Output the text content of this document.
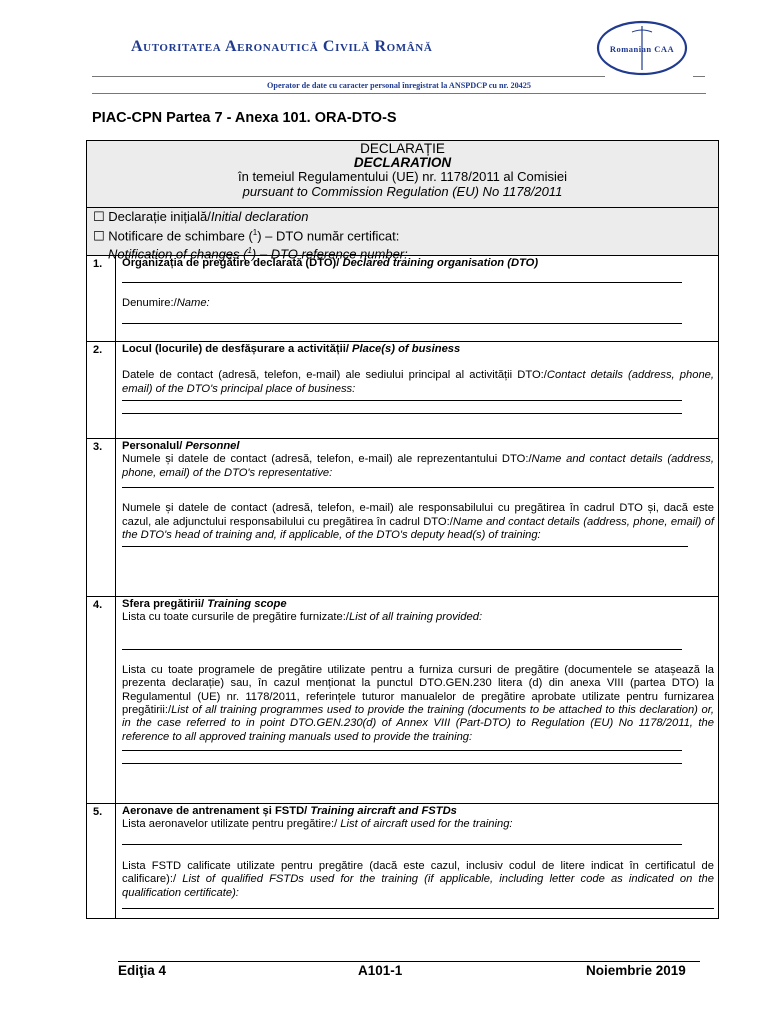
Autoritatea Aeronautică Civilă Română	Romanian CAA
Operator de date cu caracter personal înregistrat la ANSPDCP cu nr. 20425
PIAC-CPN Partea 7 - Anexa 101. ORA-DTO-S
DECLARAȚIE
DECLARATION
în temeiul Regulamentului (UE) nr. 1178/2011 al Comisiei
pursuant to Commission Regulation (EU) No 1178/2011
☐ Declarație inițială/Initial declaration
☐ Notificare de schimbare ($^1$) – DTO număr certificat:
Notification of changes ($^1$) – DTO reference number:
1.	Organizația de pregătire declarată (DTO)/ Declared training organisation (DTO)
Denumire:/Name:
2.	Locul (locurile) de desfășurare a activității/ Place(s) of business
Datele de contact (adresă, telefon, e-mail) ale sediului principal al activității DTO:/Contact details (address, phone, email) of the DTO's principal place of business:
3.	Personalul/ Personnel
Numele și datele de contact (adresă, telefon, e-mail) ale reprezentantului DTO:/Name and contact details (address, phone, email) of the DTO's representative:
Numele și datele de contact (adresă, telefon, e-mail) ale responsabilului cu pregătirea în cadrul DTO și, dacă este cazul, ale adjunctului responsabilului cu pregătirea în cadrul DTO:/Name and contact details (address, phone, email) of the DTO's head of training and, if applicable, of the DTO's deputy head(s) of training:
4.	Sfera pregătirii/ Training scope
Lista cu toate cursurile de pregătire furnizate:/List of all training provided:
Lista cu toate programele de pregătire utilizate pentru a furniza cursuri de pregătire (documentele se atașează la prezenta declarație) sau, în cazul menționat la punctul DTO.GEN.230 litera (d) din anexa VIII (partea DTO) la Regulamentul (UE) nr. 1178/2011, referințele tuturor manualelor de pregătire aprobate utilizate pentru furnizarea pregătirii:/List of all training programmes used to provide the training (documents to be attached to this declaration) or, in the case referred to in point DTO.GEN.230(d) of Annex VIII (Part-DTO) to Regulation (EU) No 1178/2011, the reference to all approved training manuals used to provide the training:
5.	Aeronave de antrenament și FSTD/ Training aircraft and FSTDs
Lista aeronavelor utilizate pentru pregătire:/ List of aircraft used for the training:
Lista FSTD calificate utilizate pentru pregătire (dacă este cazul, inclusiv codul de litere indicat în certificatul de calificare):/ List of qualified FSTDs used for the training (if applicable, including letter code as indicated on the qualification certificate):
Ediţia 4	A101-1	Noiembrie 2019
